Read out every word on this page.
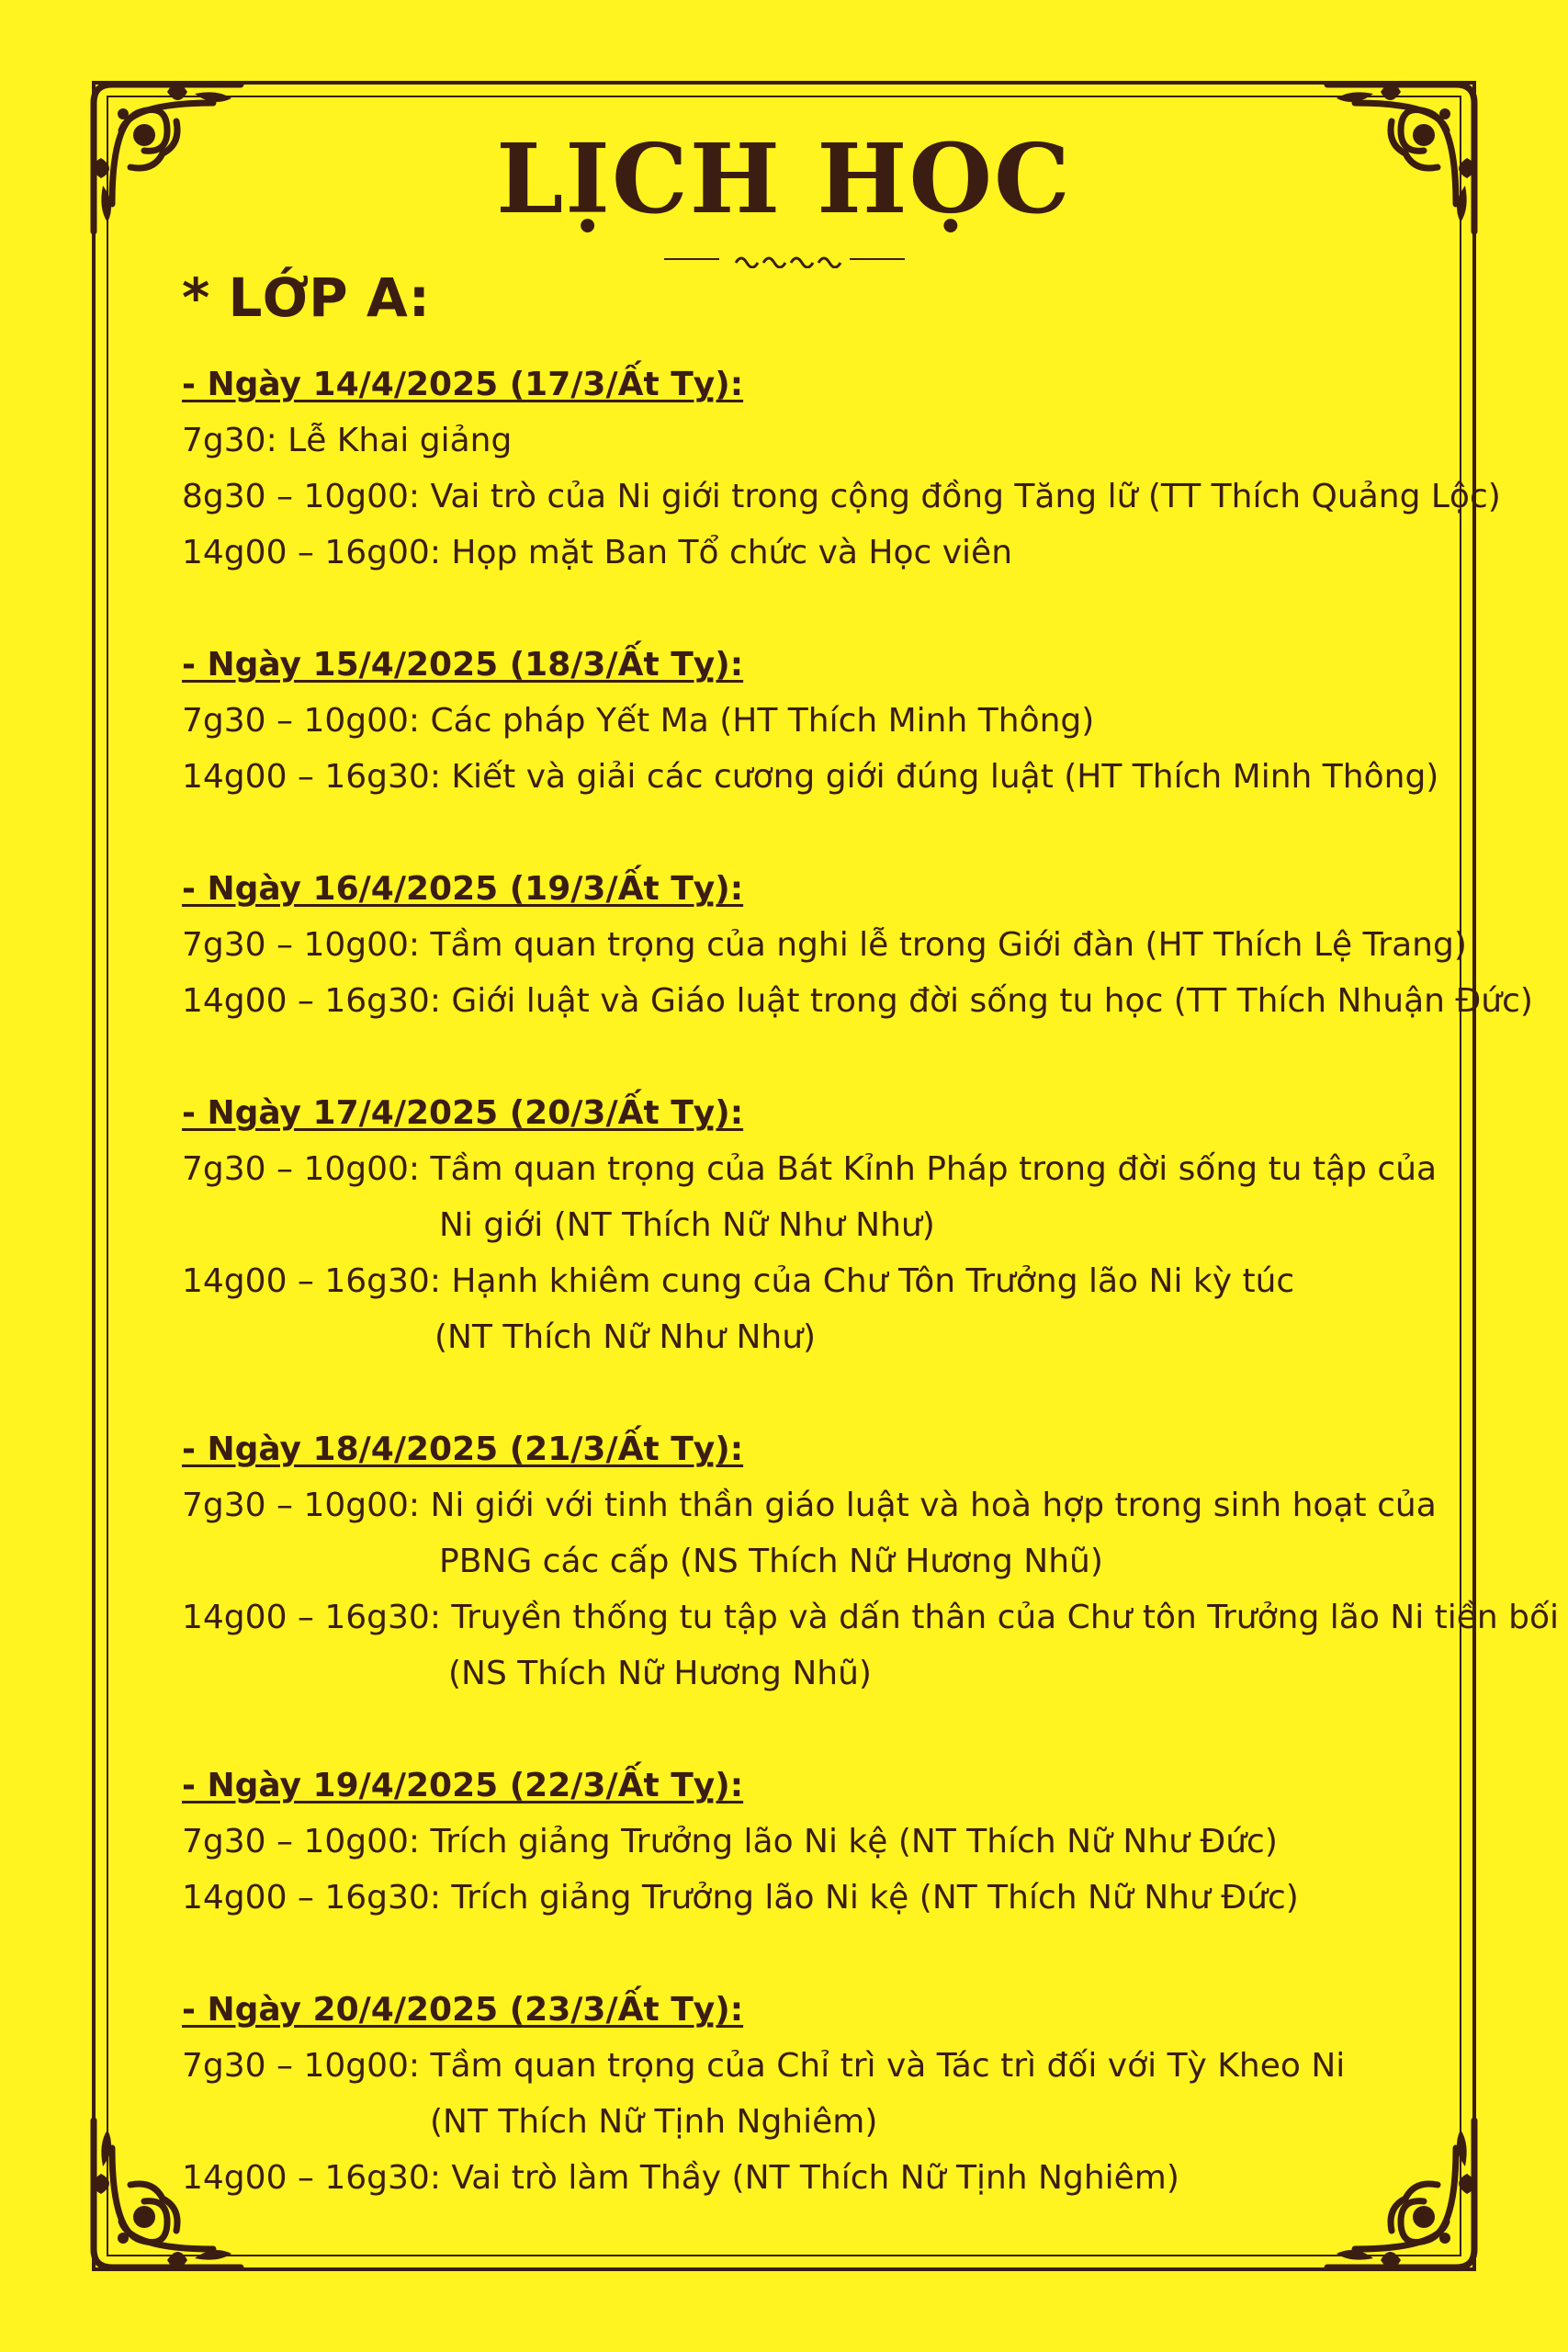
LỊCH HỌC
* LỚP A:
- Ngày 14/4/2025 (17/3/Ất Tỵ):
7g30: Lễ Khai giảng
8g30 – 10g00: Vai trò của Ni giới trong cộng đồng Tăng lữ (TT Thích Quảng Lộc)
14g00 – 16g00: Họp mặt Ban Tổ chức và Học viên
- Ngày 15/4/2025 (18/3/Ất Tỵ):
7g30 – 10g00: Các pháp Yết Ma (HT Thích Minh Thông)
14g00 – 16g30: Kiết và giải các cương giới đúng luật (HT Thích Minh Thông)
- Ngày 16/4/2025 (19/3/Ất Tỵ):
7g30 – 10g00: Tầm quan trọng của nghi lễ trong Giới đàn (HT Thích Lệ Trang)
14g00 – 16g30: Giới luật và Giáo luật trong đời sống tu học (TT Thích Nhuận Đức)
- Ngày 17/4/2025 (20/3/Ất Tỵ):
7g30 – 10g00: Tầm quan trọng của Bát Kỉnh Pháp trong đời sống tu tập của
Ni giới (NT Thích Nữ Như Như)
14g00 – 16g30: Hạnh khiêm cung của Chư Tôn Trưởng lão Ni kỳ túc
(NT Thích Nữ Như Như)
- Ngày 18/4/2025 (21/3/Ất Tỵ):
7g30 – 10g00: Ni giới với tinh thần giáo luật và hoà hợp trong sinh hoạt của
PBNG các cấp (NS Thích Nữ Hương Nhũ)
14g00 – 16g30: Truyền thống tu tập và dấn thân của Chư tôn Trưởng lão Ni tiền bối
(NS Thích Nữ Hương Nhũ)
- Ngày 19/4/2025 (22/3/Ất Tỵ):
7g30 – 10g00: Trích giảng Trưởng lão Ni kệ (NT Thích Nữ Như Đức)
14g00 – 16g30: Trích giảng Trưởng lão Ni kệ (NT Thích Nữ Như Đức)
- Ngày 20/4/2025 (23/3/Ất Tỵ):
7g30 – 10g00: Tầm quan trọng của Chỉ trì và Tác trì đối với Tỳ Kheo Ni
(NT Thích Nữ Tịnh Nghiêm)
14g00 – 16g30: Vai trò làm Thầy (NT Thích Nữ Tịnh Nghiêm)
